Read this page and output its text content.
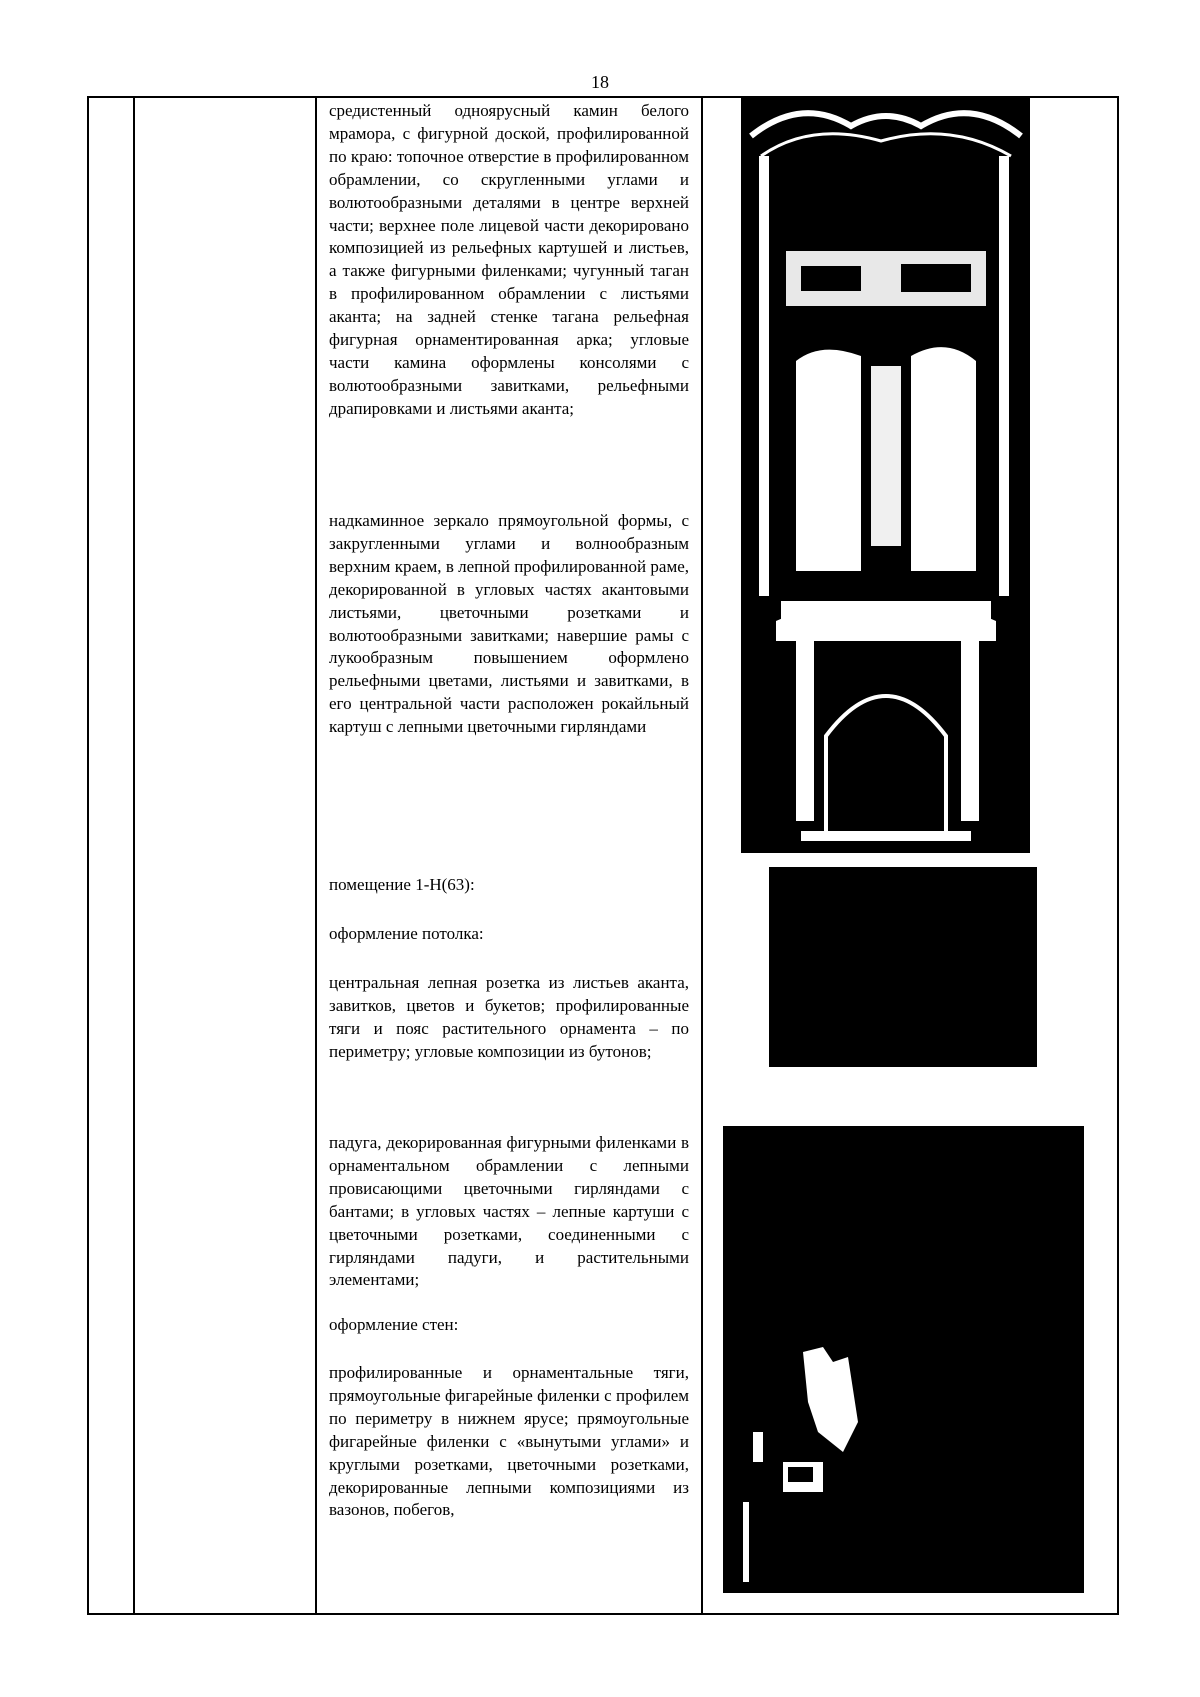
18
средистенный одноярусный камин белого мрамора, с фигурной доской, профилированной по краю: топочное отверстие в профилированном обрамлении, со скругленными углами и волютообразными деталями в центре верхней части; верхнее поле лицевой части декорировано композицией из рельефных картушей и листьев, а также фигурными филенками; чугунный таган в профилированном обрамлении с листьями аканта; на задней стенке тагана рельефная фигурная орнаментированная арка; угловые части камина оформлены консолями с волютообразными завитками, рельефными драпировками и листьями аканта;
надкаминное зеркало прямоугольной формы, с закругленными углами и волнообразным верхним краем, в лепной профилированной раме, декорированной в угловых частях акантовыми листьями, цветочными розетками и волютообразными завитками; навершие рамы с лукообразным повышением оформлено рельефными цветами, листьями и завитками, в его центральной части расположен рокайльный картуш с лепными цветочными гирляндами
помещение 1-Н(63):
оформление потолка:
центральная лепная розетка из листьев аканта, завитков, цветов и букетов; профилированные тяги и пояс растительного орнамента – по периметру; угловые композиции из бутонов;
падуга, декорированная фигурными филенками в орнаментальном обрамлении с лепными провисающими цветочными гирляндами с бантами; в угловых частях – лепные картуши с цветочными розетками, соединенными с гирляндами падуги, и растительными элементами;
оформление стен:
профилированные и орнаментальные тяги, прямоугольные фигарейные филенки с профилем по периметру в нижнем ярусе; прямоугольные фигарейные филенки с «вынутыми углами» и круглыми розетками, цветочными розетками, декорированные лепными композициями из вазонов, побегов,
